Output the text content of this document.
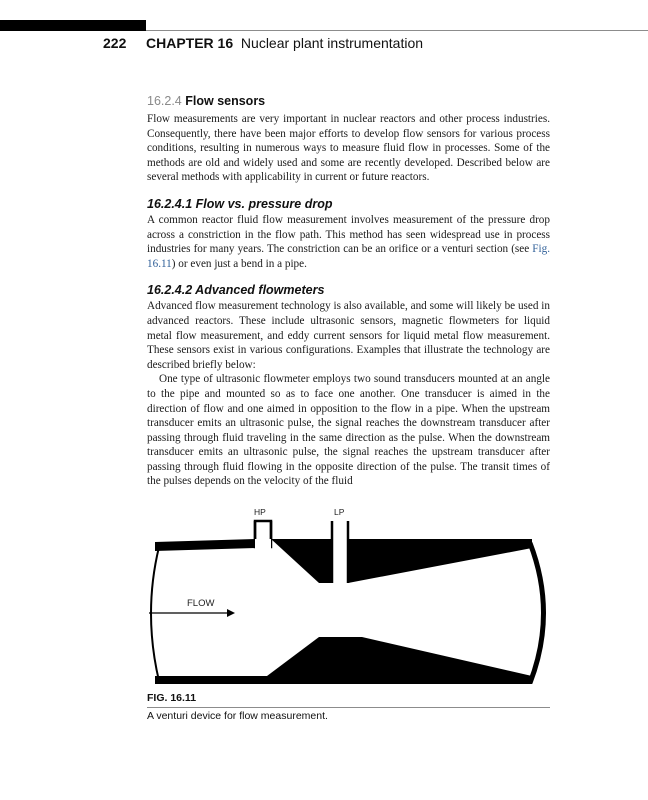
222 CHAPTER 16 Nuclear plant instrumentation
16.2.4 Flow sensors

Flow measurements are very important in nuclear reactors and other process industries. Consequently, there have been major efforts to develop flow sensors for various process conditions, resulting in numerous ways to measure fluid flow in processes. Some of the methods are old and widely used and some are recently developed. Described below are several methods with applicability in current or future reactors.

16.2.4.1 Flow vs. pressure drop

A common reactor fluid flow measurement involves measurement of the pressure drop across a constriction in the flow path. This method has seen widespread use in process industries for many years. The constriction can be an orifice or a venturi section (see Fig. 16.11) or even just a bend in a pipe.

16.2.4.2 Advanced flowmeters

Advanced flow measurement technology is also available, and some will likely be used in advanced reactors. These include ultrasonic sensors, magnetic flowmeters for liquid metal flow measurement, and eddy current sensors for liquid metal flow measurement. These sensors exist in various configurations. Examples that illustrate the technology are described briefly below:

One type of ultrasonic flowmeter employs two sound transducers mounted at an angle to the pipe and mounted so as to face one another. One transducer is aimed in the direction of flow and one aimed in opposition to the flow in a pipe. When the upstream transducer emits an ultrasonic pulse, the signal reaches the downstream transducer after passing through fluid traveling in the same direction as the pulse. When the downstream transducer emits an ultrasonic pulse, the signal reaches the upstream transducer after passing through fluid flowing in the opposite direction of the pulse. The transit times of the pulses depends on the velocity of the fluid

HP	LP
FLOW
FIG. 16.11
A venturi device for flow measurement.
